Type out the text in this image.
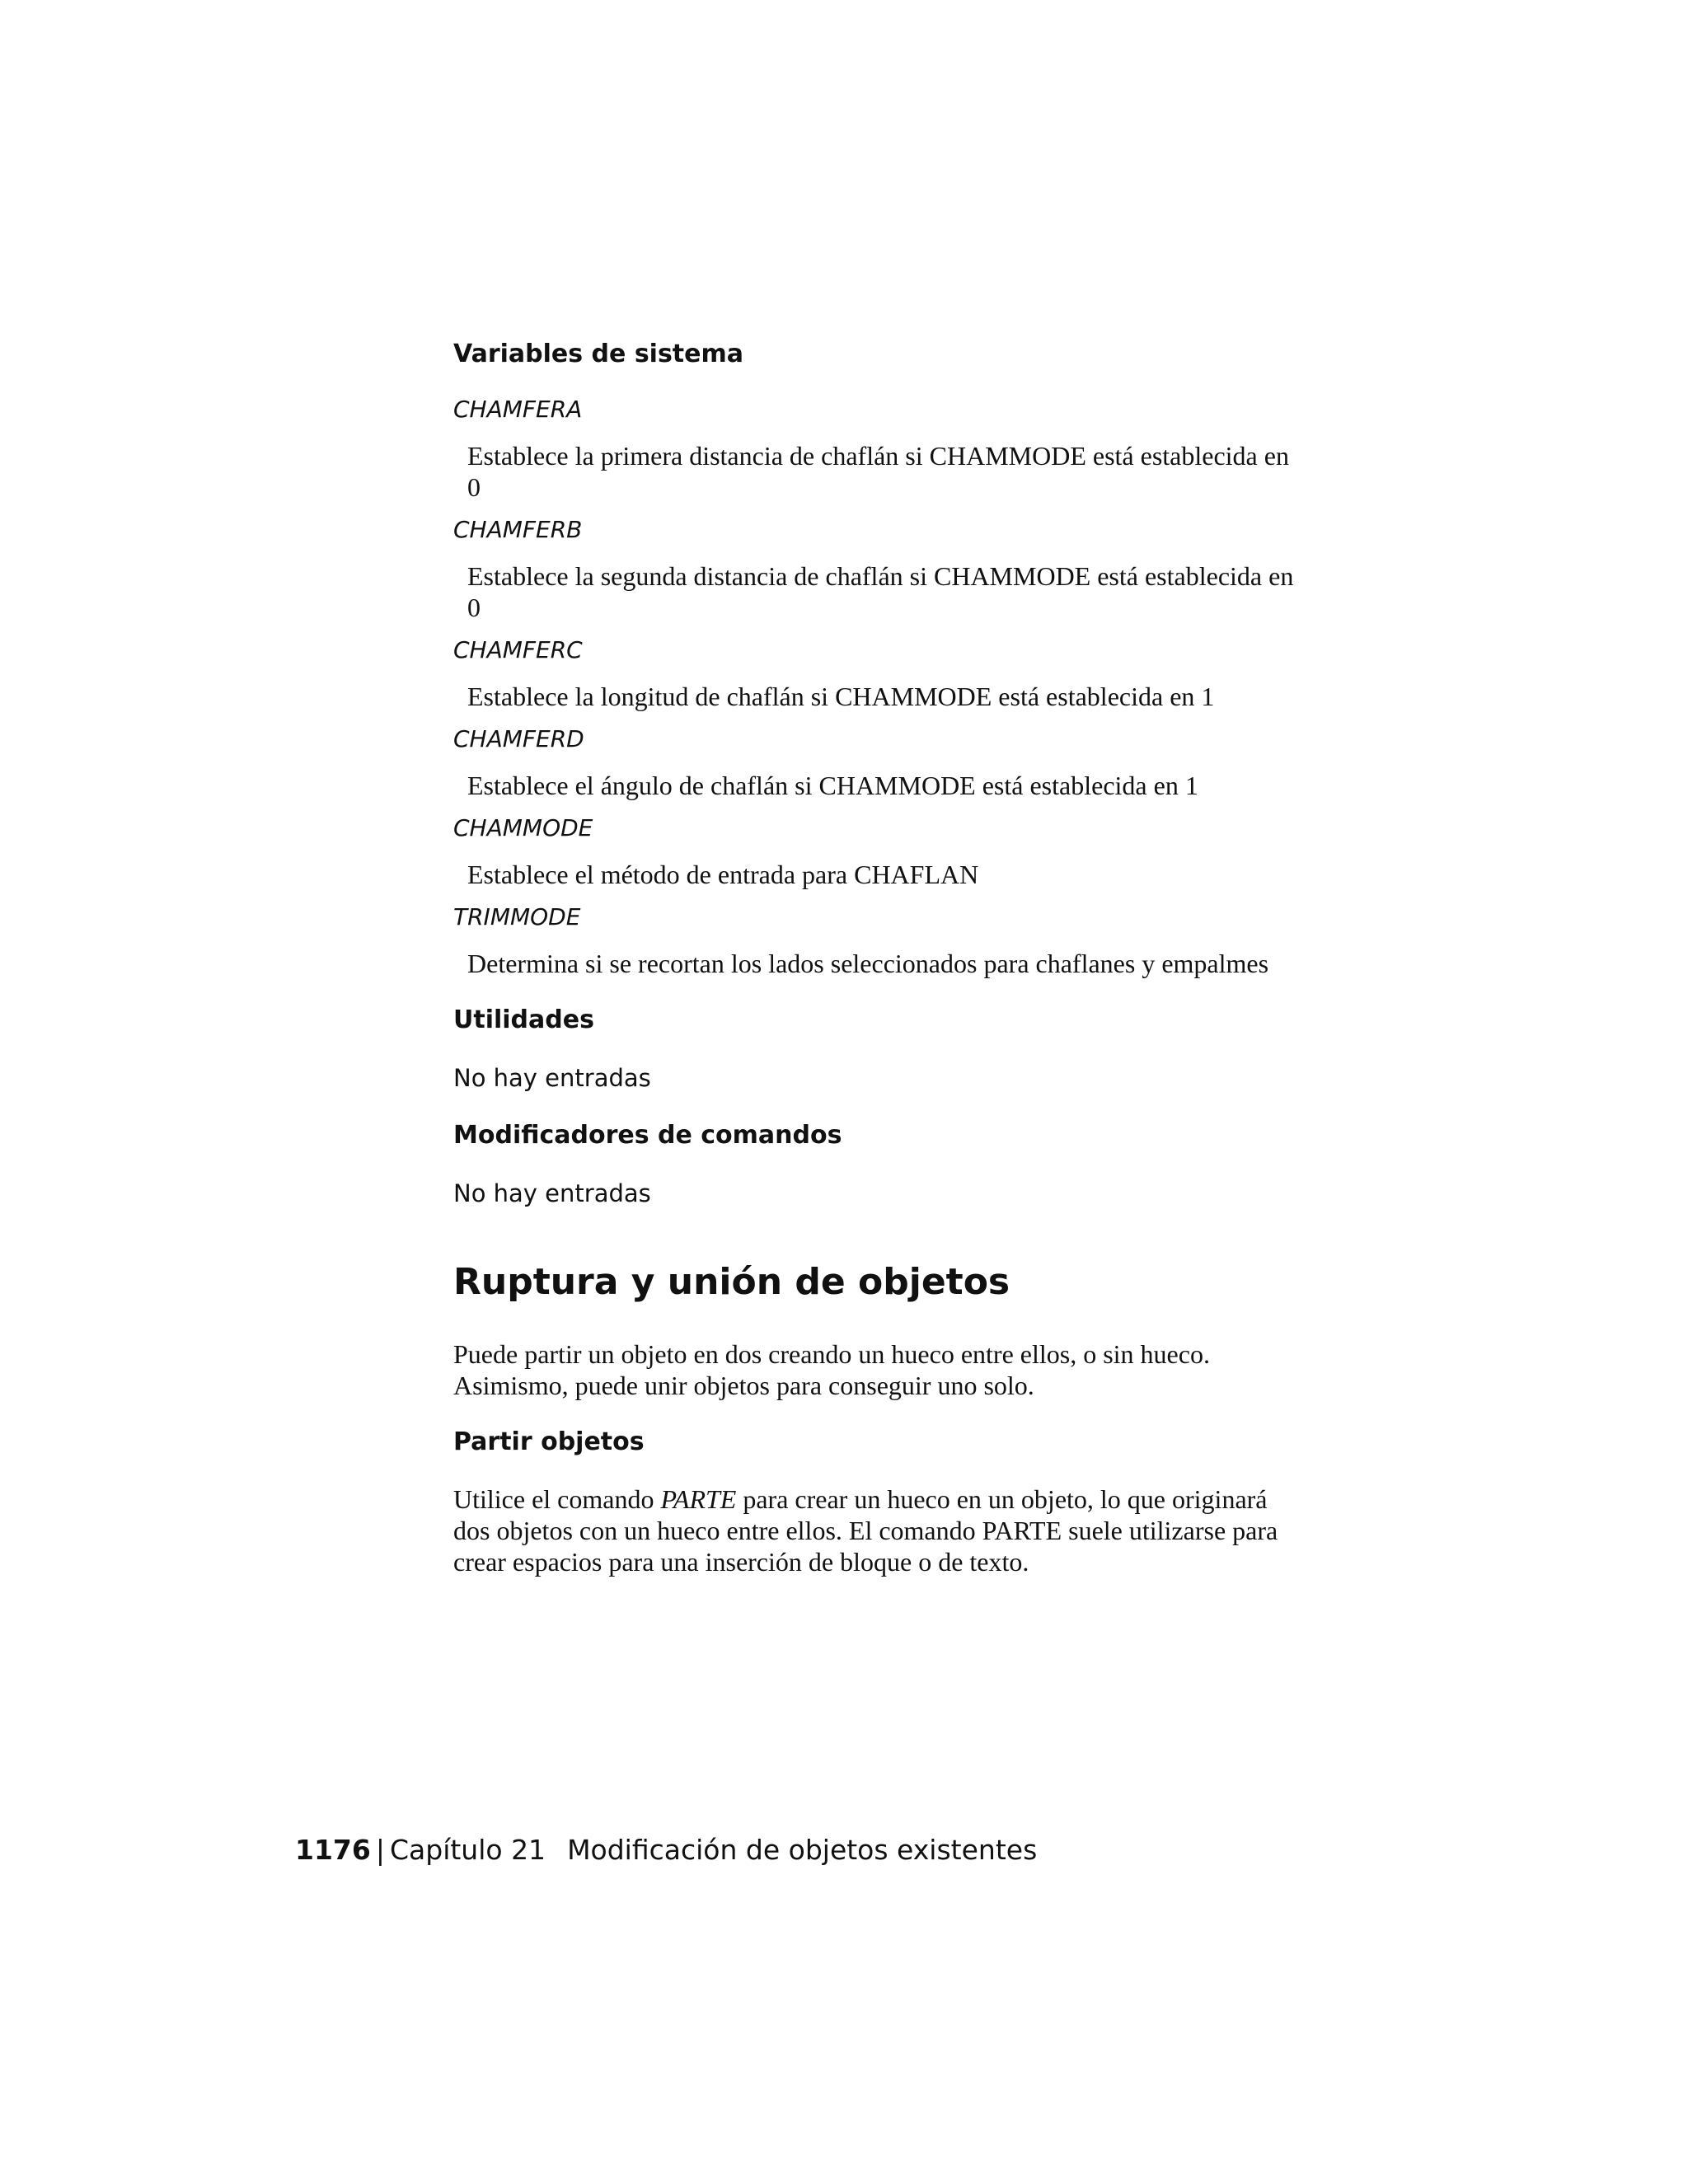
Variables de sistema

CHAMFERA

Establece la primera distancia de chaflán si CHAMMODE está establecida en
0

CHAMFERB

Establece la segunda distancia de chaflán si CHAMMODE está establecida en
0

CHAMFERC

Establece la longitud de chaflán si CHAMMODE está establecida en 1

CHAMFERD

Establece el ángulo de chaflán si CHAMMODE está establecida en 1

CHAMMODE

Establece el método de entrada para CHAFLAN

TRIMMODE

Determina si se recortan los lados seleccionados para chaflanes y empalmes

Utilidades

No hay entradas

Modificadores de comandos

No hay entradas

Ruptura y unión de objetos

Puede partir un objeto en dos creando un hueco entre ellos, o sin hueco.
Asimismo, puede unir objetos para conseguir uno solo.

Partir objetos

Utilice el comando PARTE para crear un hueco en un objeto, lo que originará
dos objetos con un hueco entre ellos. El comando PARTE suele utilizarse para
crear espacios para una inserción de bloque o de texto.

1176 | Capítulo 21 Modificación de objetos existentes
